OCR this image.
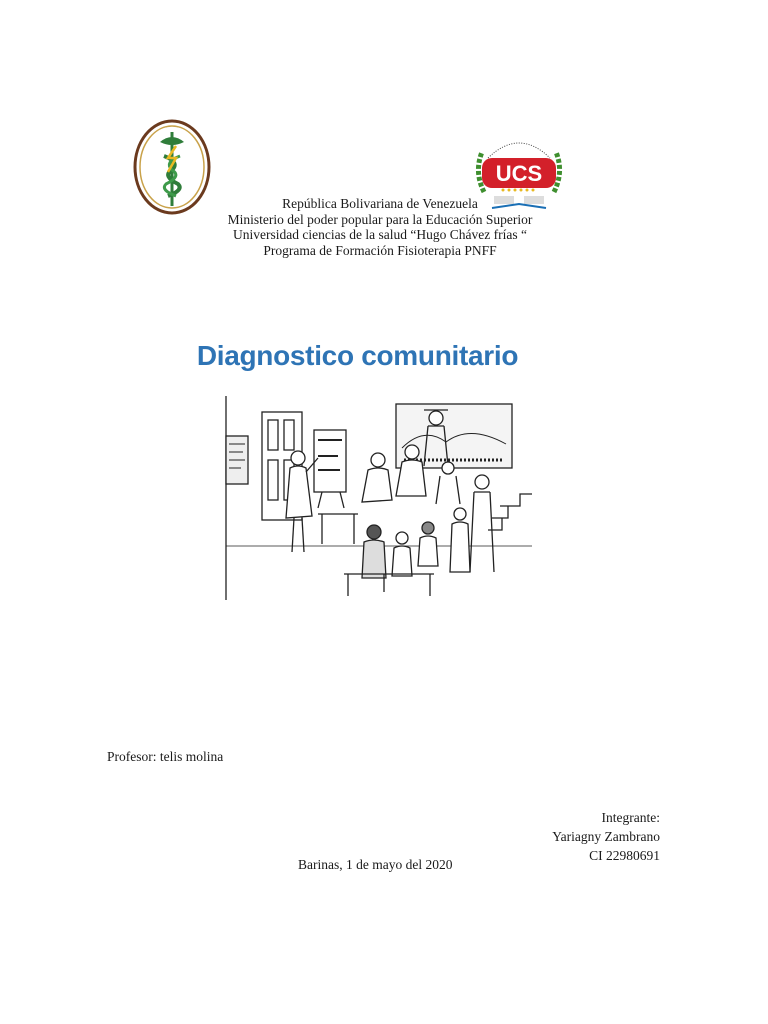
UCS
República Bolivariana de Venezuela
Ministerio del poder popular para la Educación Superior
Universidad ciencias de la salud “Hugo Chávez frías “
Programa de Formación Fisioterapia PNFF
Diagnostico comunitario
Profesor: telis molina
Integrante:
Yariagny Zambrano
CI 22980691
Barinas, 1 de mayo del 2020
